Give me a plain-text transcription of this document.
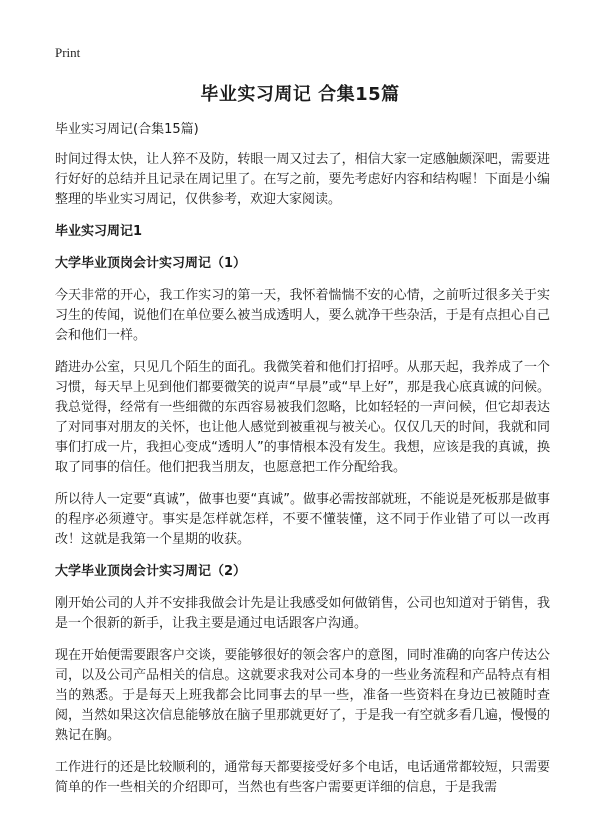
Print
毕业实习周记 合集15篇
毕业实习周记(合集15篇)

时间过得太快，让人猝不及防，转眼一周又过去了，相信大家一定感触颇深吧，需要进行好好的总结并且记录在周记里了。在写之前，要先考虑好内容和结构喔！下面是小编整理的毕业实习周记，仅供参考，欢迎大家阅读。

毕业实习周记1
大学毕业顶岗会计实习周记（1）

今天非常的开心，我工作实习的第一天，我怀着惴惴不安的心情，之前听过很多关于实习生的传闻，说他们在单位要么被当成透明人，要么就净干些杂活，于是有点担心自己会和他们一样。

踏进办公室，只见几个陌生的面孔。我微笑着和他们打招呼。从那天起，我养成了一个习惯，每天早上见到他们都要微笑的说声“早晨”或“早上好”，那是我心底真诚的问候。我总觉得，经常有一些细微的东西容易被我们忽略，比如轻轻的一声问候，但它却表达了对同事对朋友的关怀，也让他人感觉到被重视与被关心。仅仅几天的时间，我就和同事们打成一片，我担心变成“透明人”的事情根本没有发生。我想，应该是我的真诚，换取了同事的信任。他们把我当朋友，也愿意把工作分配给我。

所以待人一定要“真诚”，做事也要“真诚”。做事必需按部就班，不能说是死板那是做事的程序必须遵守。事实是怎样就怎样，不要不懂装懂，这不同于作业错了可以一改再改！这就是我第一个星期的收获。

大学毕业顶岗会计实习周记（2）

刚开始公司的人并不安排我做会计先是让我感受如何做销售，公司也知道对于销售，我是一个很新的新手，让我主要是通过电话跟客户沟通。

现在开始便需要跟客户交谈，要能够很好的领会客户的意图，同时准确的向客户传达公司，以及公司产品相关的信息。这就要求我对公司本身的一些业务流程和产品特点有相当的熟悉。于是每天上班我都会比同事去的早一些，准备一些资料在身边已被随时查阅，当然如果这次信息能够放在脑子里那就更好了，于是我一有空就多看几遍，慢慢的熟记在胸。

工作进行的还是比较顺利的，通常每天都要接受好多个电话，电话通常都较短，只需要简单的作一些相关的介绍即可，当然也有些客户需要更详细的信息，于是我需
